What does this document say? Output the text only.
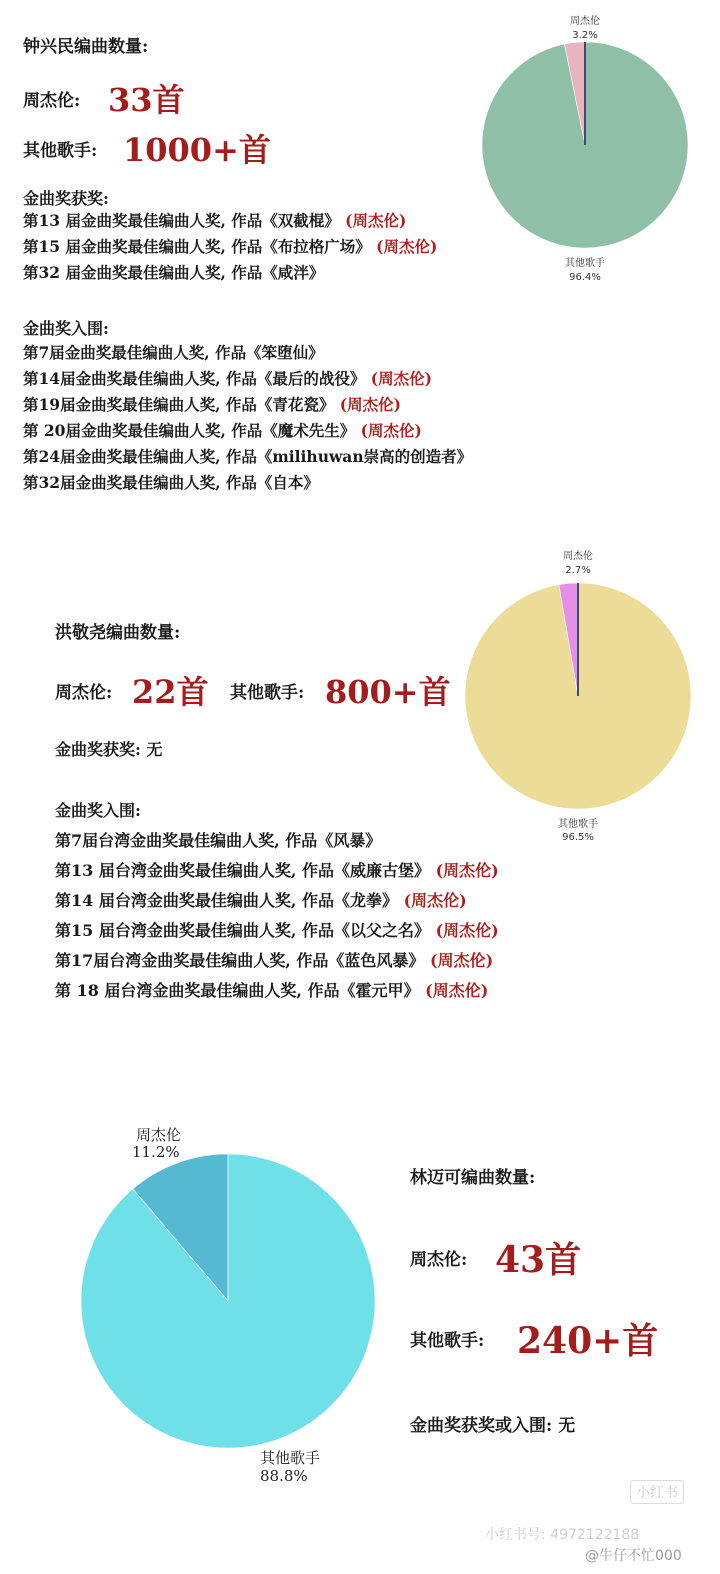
钟兴民编曲数量:
周杰伦: 33首
其他歌手: 1000+首
金曲奖获奖:
第13 届金曲奖最佳编曲人奖, 作品《双截棍》 (周杰伦)
第15 届金曲奖最佳编曲人奖, 作品《布拉格广场》 (周杰伦)
第32 届金曲奖最佳编曲人奖, 作品《咸泮》
金曲奖入围:
第7届金曲奖最佳编曲人奖, 作品《笨堕仙》
第14届金曲奖最佳编曲人奖, 作品《最后的战役》 (周杰伦)
第19届金曲奖最佳编曲人奖, 作品《青花瓷》 (周杰伦)
第 20届金曲奖最佳编曲人奖, 作品《魔术先生》 (周杰伦)
第24届金曲奖最佳编曲人奖, 作品《milihuwan崇高的创造者》
第32届金曲奖最佳编曲人奖, 作品《自本》
周杰伦
3.2%
其他歌手
96.4%
洪敬尧编曲数量:
周杰伦: 22首 其他歌手: 800+首
金曲奖获奖: 无
金曲奖入围:
第7届台湾金曲奖最佳编曲人奖, 作品《风暴》
第13 届台湾金曲奖最佳编曲人奖, 作品《威廉古堡》 (周杰伦)
第14 届台湾金曲奖最佳编曲人奖, 作品《龙拳》 (周杰伦)
第15 届台湾金曲奖最佳编曲人奖, 作品《以父之名》 (周杰伦)
第17届台湾金曲奖最佳编曲人奖, 作品《蓝色风暴》 (周杰伦)
第 18 届台湾金曲奖最佳编曲人奖, 作品《霍元甲》 (周杰伦)
周杰伦
2.7%
其他歌手
96.5%
周杰伦
11.2%
其他歌手
88.8%
林迈可编曲数量:
周杰伦: 43首
其他歌手: 240+首
金曲奖获奖或入围: 无
小红书
小红书号: 4972122188
@牛仔不忙000
